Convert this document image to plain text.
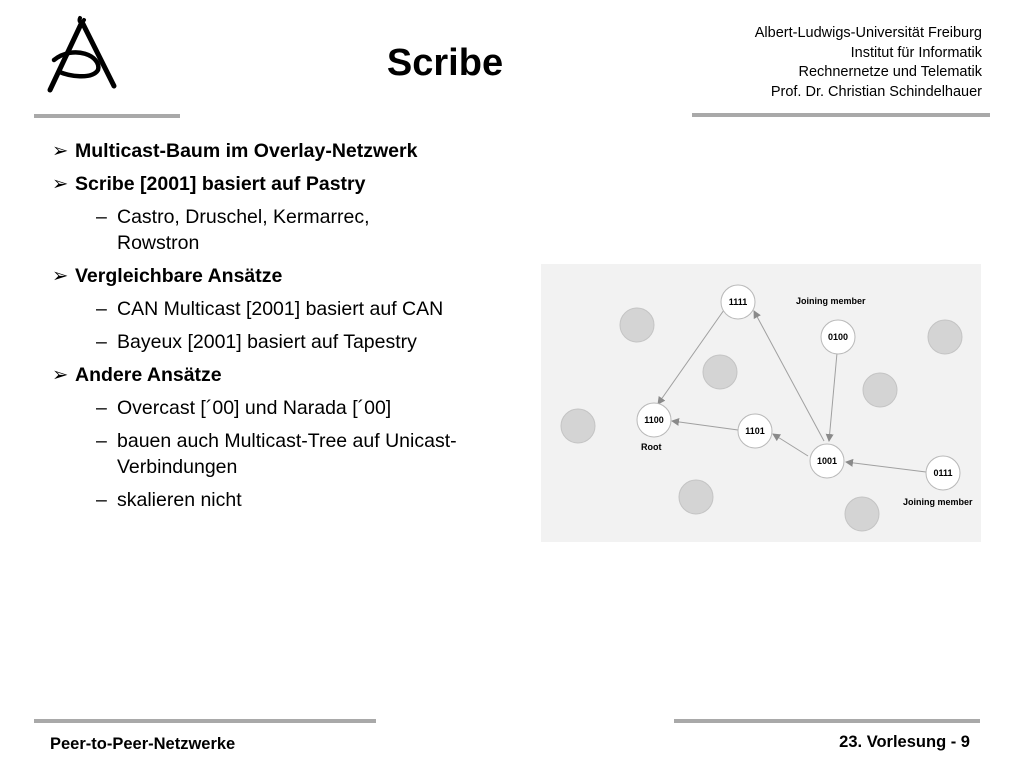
Scribe
Albert-Ludwigs-Universität Freiburg
Institut für Informatik
Rechnernetze und Telematik
Prof. Dr. Christian Schindelhauer
➢ Multicast-Baum im Overlay-Netzwerk
➢ Scribe [2001] basiert auf Pastry
– Castro, Druschel, Kermarrec, Rowstron
➢ Vergleichbare Ansätze
– CAN Multicast [2001] basiert auf CAN
– Bayeux [2001] basiert auf Tapestry
➢ Andere Ansätze
– Overcast [´00] und Narada [´00]
– bauen auch Multicast-Tree auf Unicast-Verbindungen
– skalieren nicht
1111
0100
1100
1101
1001
0111
Joining member
Root
Joining member
Peer-to-Peer-Netzwerke	23. Vorlesung - 9
